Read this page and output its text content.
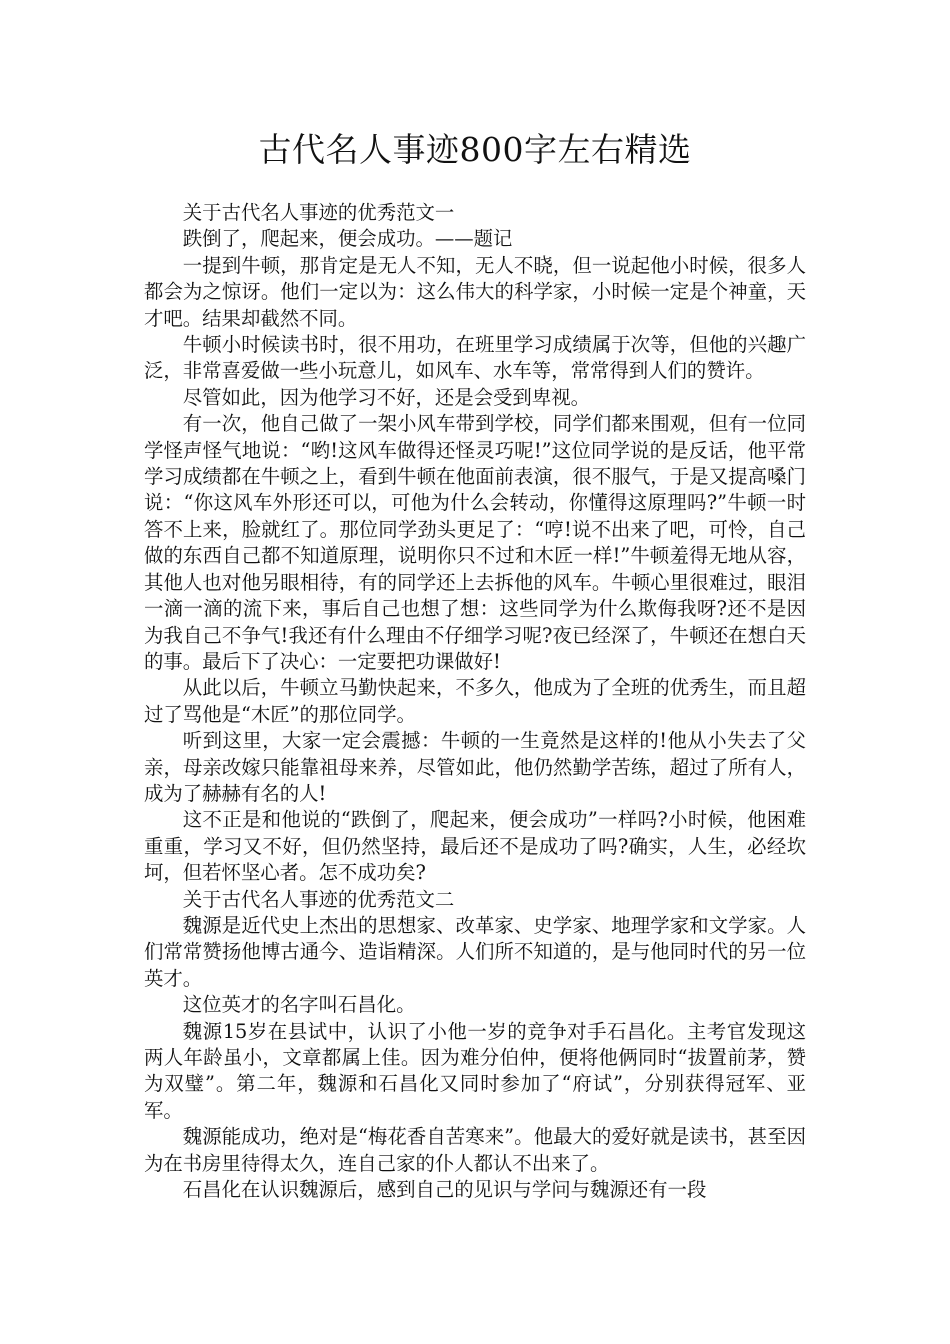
古代名人事迹800字左右精选

关于古代名人事迹的优秀范文一

跌倒了，爬起来，便会成功。——题记

一提到牛顿，那肯定是无人不知，无人不晓，但一说起他小时候，很多人都会为之惊讶。他们一定以为：这么伟大的科学家，小时候一定是个神童，天才吧。结果却截然不同。

牛顿小时候读书时，很不用功，在班里学习成绩属于次等，但他的兴趣广泛，非常喜爱做一些小玩意儿，如风车、水车等，常常得到人们的赞许。

尽管如此，因为他学习不好，还是会受到卑视。

有一次，他自己做了一架小风车带到学校，同学们都来围观，但有一位同学怪声怪气地说：“哟!这风车做得还怪灵巧呢!”这位同学说的是反话，他平常学习成绩都在牛顿之上，看到牛顿在他面前表演，很不服气，于是又提高嗓门说：“你这风车外形还可以，可他为什么会转动，你懂得这原理吗?”牛顿一时答不上来，脸就红了。那位同学劲头更足了：“哼!说不出来了吧，可怜，自己做的东西自己都不知道原理，说明你只不过和木匠一样!”牛顿羞得无地从容，其他人也对他另眼相待，有的同学还上去拆他的风车。牛顿心里很难过，眼泪一滴一滴的流下来，事后自己也想了想：这些同学为什么欺侮我呀?还不是因为我自己不争气!我还有什么理由不仔细学习呢?夜已经深了，牛顿还在想白天的事。最后下了决心：一定要把功课做好!

从此以后，牛顿立马勤快起来，不多久，他成为了全班的优秀生，而且超过了骂他是“木匠”的那位同学。

听到这里，大家一定会震撼：牛顿的一生竟然是这样的!他从小失去了父亲，母亲改嫁只能靠祖母来养，尽管如此，他仍然勤学苦练，超过了所有人，成为了赫赫有名的人!

这不正是和他说的“跌倒了，爬起来，便会成功”一样吗?小时候，他困难重重，学习又不好，但仍然坚持，最后还不是成功了吗?确实，人生，必经坎坷，但若怀坚心者。怎不成功矣?

关于古代名人事迹的优秀范文二

魏源是近代史上杰出的思想家、改革家、史学家、地理学家和文学家。人们常常赞扬他博古通今、造诣精深。人们所不知道的，是与他同时代的另一位英才。

这位英才的名字叫石昌化。

魏源15岁在县试中，认识了小他一岁的竞争对手石昌化。主考官发现这两人年龄虽小，文章都属上佳。因为难分伯仲，便将他俩同时“拔置前茅，赞为双璧”。第二年，魏源和石昌化又同时参加了“府试”，分别获得冠军、亚军。

魏源能成功，绝对是“梅花香自苦寒来”。他最大的爱好就是读书，甚至因为在书房里待得太久，连自己家的仆人都认不出来了。

石昌化在认识魏源后，感到自己的见识与学问与魏源还有一段
